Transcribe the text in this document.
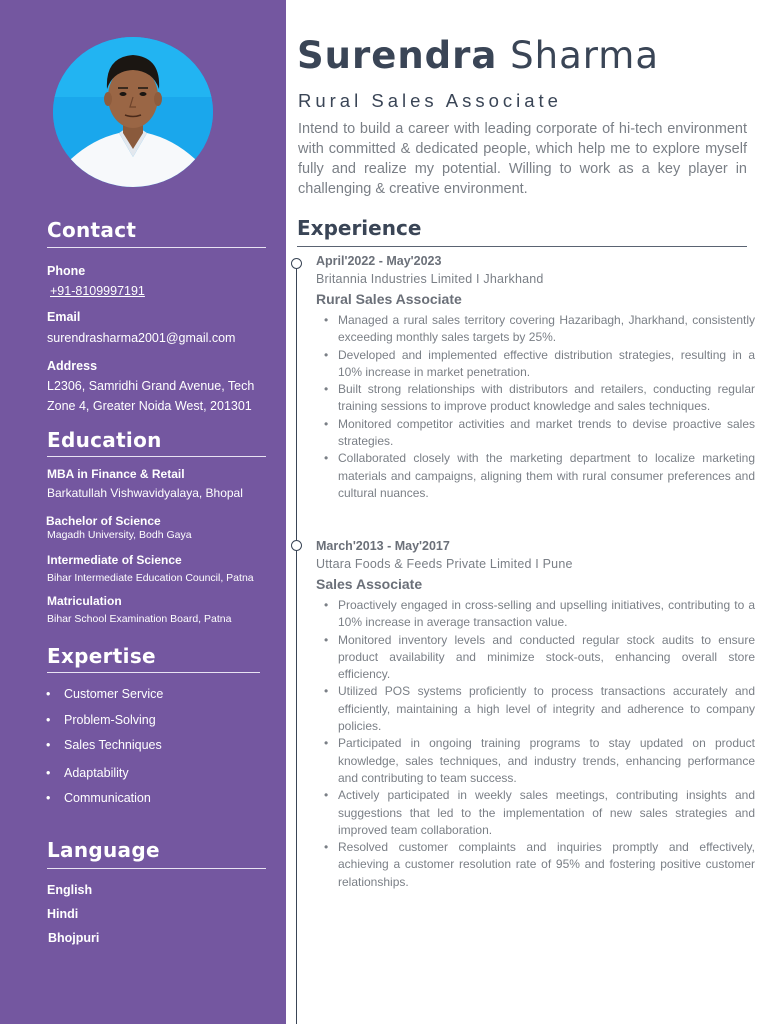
Contact
Phone
+91-8109997191
Email
surendrasharma2001@gmail.com
Address
L2306, Samridhi Grand Avenue, Tech
Zone 4, Greater Noida West, 201301
Education
MBA in Finance & Retail
Barkatullah Vishwavidyalaya, Bhopal
Bachelor of Science
Magadh University, Bodh Gaya
Intermediate of Science
Bihar Intermediate Education Council, Patna
Matriculation
Bihar School Examination Board, Patna
Expertise
• Customer Service
• Problem-Solving
• Sales Techniques
• Adaptability
• Communication
Language
English
Hindi
Bhojpuri
Surendra Sharma
Rural Sales Associate
Intend to build a career with leading corporate of hi-tech environment with committed & dedicated people, which help me to explore myself fully and realize my potential. Willing to work as a key player in challenging & creative environment.
Experience
April'2022 - May'2023
Britannia Industries Limited I Jharkhand
Rural Sales Associate
• Managed a rural sales territory covering Hazaribagh, Jharkhand, consistently exceeding monthly sales targets by 25%.
• Developed and implemented effective distribution strategies, resulting in a 10% increase in market penetration.
• Built strong relationships with distributors and retailers, conducting regular training sessions to improve product knowledge and sales techniques.
• Monitored competitor activities and market trends to devise proactive sales strategies.
• Collaborated closely with the marketing department to localize marketing materials and campaigns, aligning them with rural consumer preferences and cultural nuances.
March'2013 - May'2017
Uttara Foods & Feeds Private Limited I Pune
Sales Associate
• Proactively engaged in cross-selling and upselling initiatives, contributing to a 10% increase in average transaction value.
• Monitored inventory levels and conducted regular stock audits to ensure product availability and minimize stock-outs, enhancing overall store efficiency.
• Utilized POS systems proficiently to process transactions accurately and efficiently, maintaining a high level of integrity and adherence to company policies.
• Participated in ongoing training programs to stay updated on product knowledge, sales techniques, and industry trends, enhancing performance and contributing to team success.
• Actively participated in weekly sales meetings, contributing insights and suggestions that led to the implementation of new sales strategies and improved team collaboration.
• Resolved customer complaints and inquiries promptly and effectively, achieving a customer resolution rate of 95% and fostering positive customer relationships.
